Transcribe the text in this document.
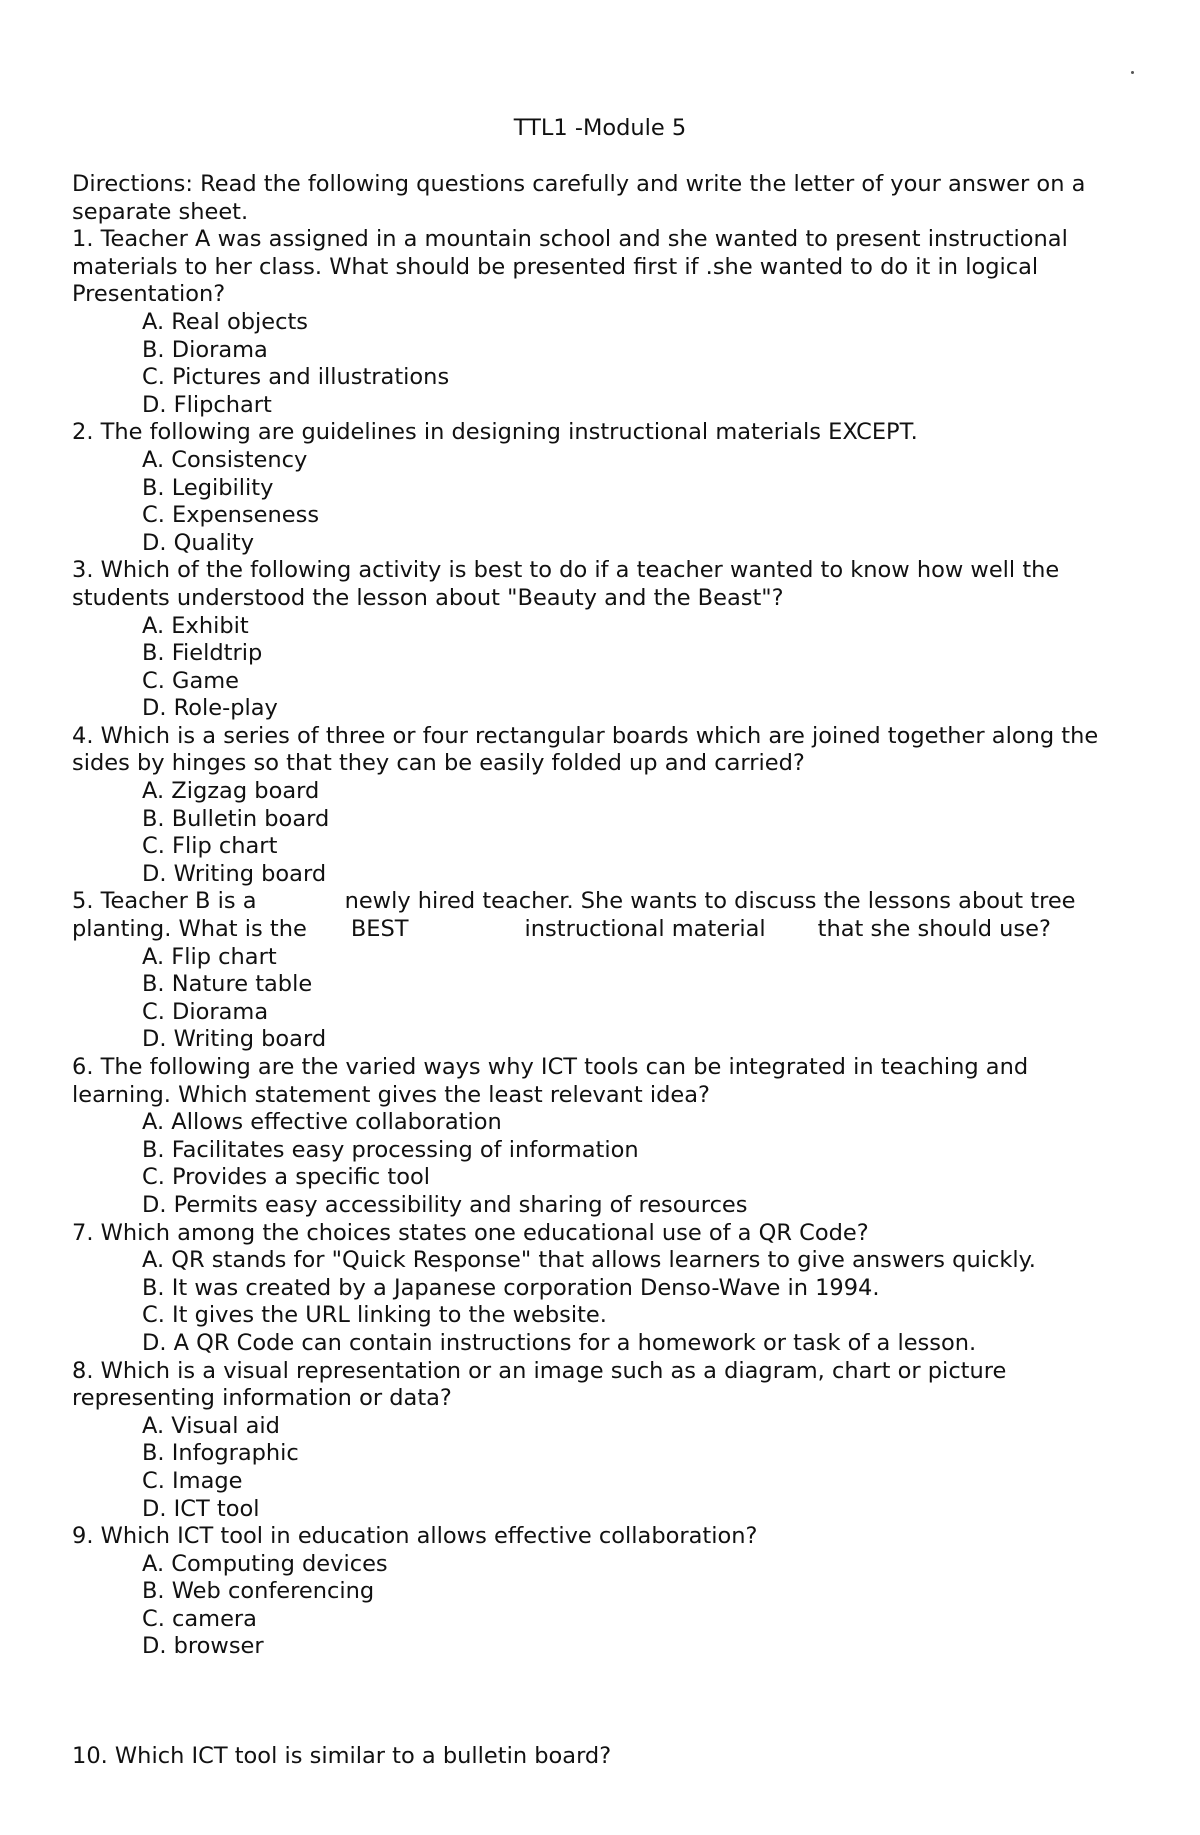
TTL1 -Module 5

Directions: Read the following questions carefully and write the letter of your answer on a separate sheet.

1. Teacher A was assigned in a mountain school and she wanted to present instructional materials to her class. What should be presented first if .she wanted to do it in logical Presentation?

A. Real objects
B. Diorama
C. Pictures and illustrations
D. Flipchart

2. The following are guidelines in designing instructional materials EXCEPT.

A. Consistency
B. Legibility
C. Expenseness
D. Quality

3. Which of the following activity is best to do if a teacher wanted to know how well the students understood the lesson about "Beauty and the Beast"?

A. Exhibit
B. Fieldtrip
C. Game
D. Role-play

4. Which is a series of three or four rectangular boards which are joined together along the sides by hinges so that they can be easily folded up and carried?

A. Zigzag board
B. Bulletin board
C. Flip chart
D. Writing board

5. Teacher B is a	newly hired teacher. She wants to discuss the lessons about tree planting. What is the BEST	instructional material that she should use?

A. Flip chart
B. Nature table
C. Diorama
D. Writing board

6. The following are the varied ways why ICT tools can be integrated in teaching and learning. Which statement gives the least relevant idea?

A. Allows effective collaboration
B. Facilitates easy processing of information
C. Provides a specific tool
D. Permits easy accessibility and sharing of resources

7. Which among the choices states one educational use of a QR Code?

A. QR stands for "Quick Response" that allows learners to give answers quickly.
B. It was created by a Japanese corporation Denso-Wave in 1994.
C. It gives the URL linking to the website.
D. A QR Code can contain instructions for a homework or task of a lesson.

8. Which is a visual representation or an image such as a diagram, chart or picture representing information or data?

A. Visual aid
B. Infographic
C. Image
D. ICT tool

9. Which ICT tool in education allows effective collaboration?

A. Computing devices
B. Web conferencing
C. camera
D. browser

10. Which ICT tool is similar to a bulletin board?
